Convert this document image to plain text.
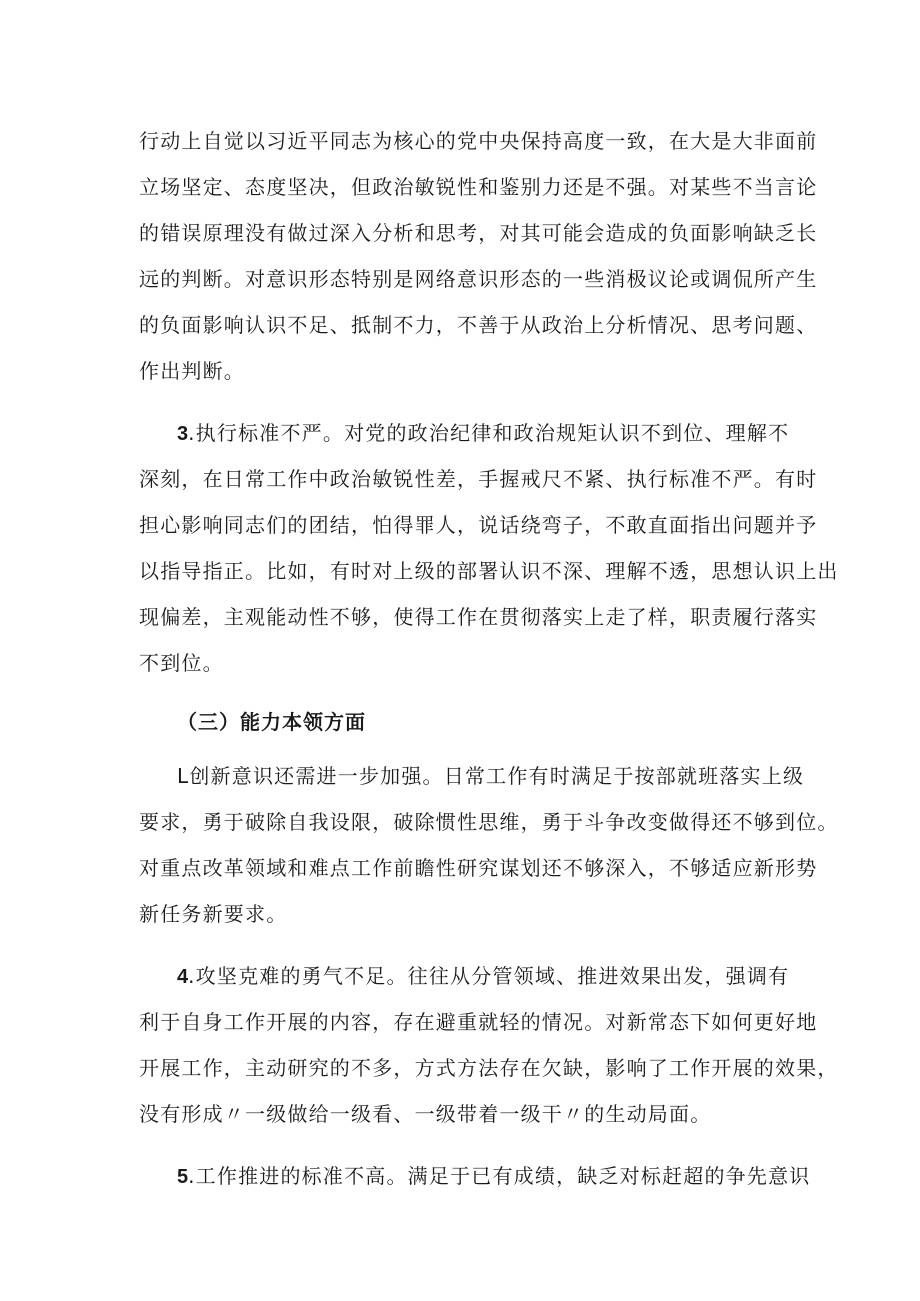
行动上自觉以习近平同志为核心的党中央保持高度一致，在大是大非面前
立场坚定、态度坚决，但政治敏锐性和鉴别力还是不强。对某些不当言论
的错误原理没有做过深入分析和思考，对其可能会造成的负面影响缺乏长
远的判断。对意识形态特别是网络意识形态的一些消极议论或调侃所产生
的负面影响认识不足、抵制不力，不善于从政治上分析情况、思考问题、
作出判断。
3.执行标准不严。对党的政治纪律和政治规矩认识不到位、理解不
深刻，在日常工作中政治敏锐性差，手握戒尺不紧、执行标准不严。有时
担心影响同志们的团结，怕得罪人，说话绕弯子，不敢直面指出问题并予
以指导指正。比如，有时对上级的部署认识不深、理解不透，思想认识上出
现偏差，主观能动性不够，使得工作在贯彻落实上走了样，职责履行落实
不到位。
（三）能力本领方面
L创新意识还需进一步加强。日常工作有时满足于按部就班落实上级
要求，勇于破除自我设限，破除惯性思维，勇于斗争改变做得还不够到位。
对重点改革领域和难点工作前瞻性研究谋划还不够深入，不够适应新形势
新任务新要求。
4.攻坚克难的勇气不足。往往从分管领域、推进效果出发，强调有
利于自身工作开展的内容，存在避重就轻的情况。对新常态下如何更好地
开展工作，主动研究的不多，方式方法存在欠缺，影响了工作开展的效果，
没有形成〃一级做给一级看、一级带着一级干〃的生动局面。
5.工作推进的标准不高。满足于已有成绩，缺乏对标赶超的争先意识
